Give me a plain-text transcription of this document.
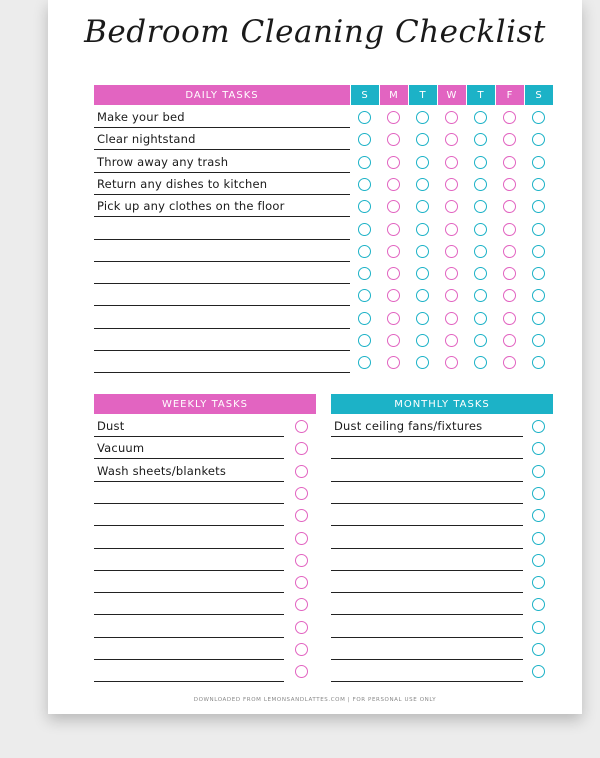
Bedroom Cleaning Checklist
DAILY TASKS	S M T W T F S
Make your bed
Clear nightstand
Throw away any trash
Return any dishes to kitchen
Pick up any clothes on the floor
WEEKLY TASKS
Dust
Vacuum
Wash sheets/blankets
MONTHLY TASKS
Dust ceiling fans/fixtures
DOWNLOADED FROM LEMONSANDLATTES.COM | FOR PERSONAL USE ONLY
